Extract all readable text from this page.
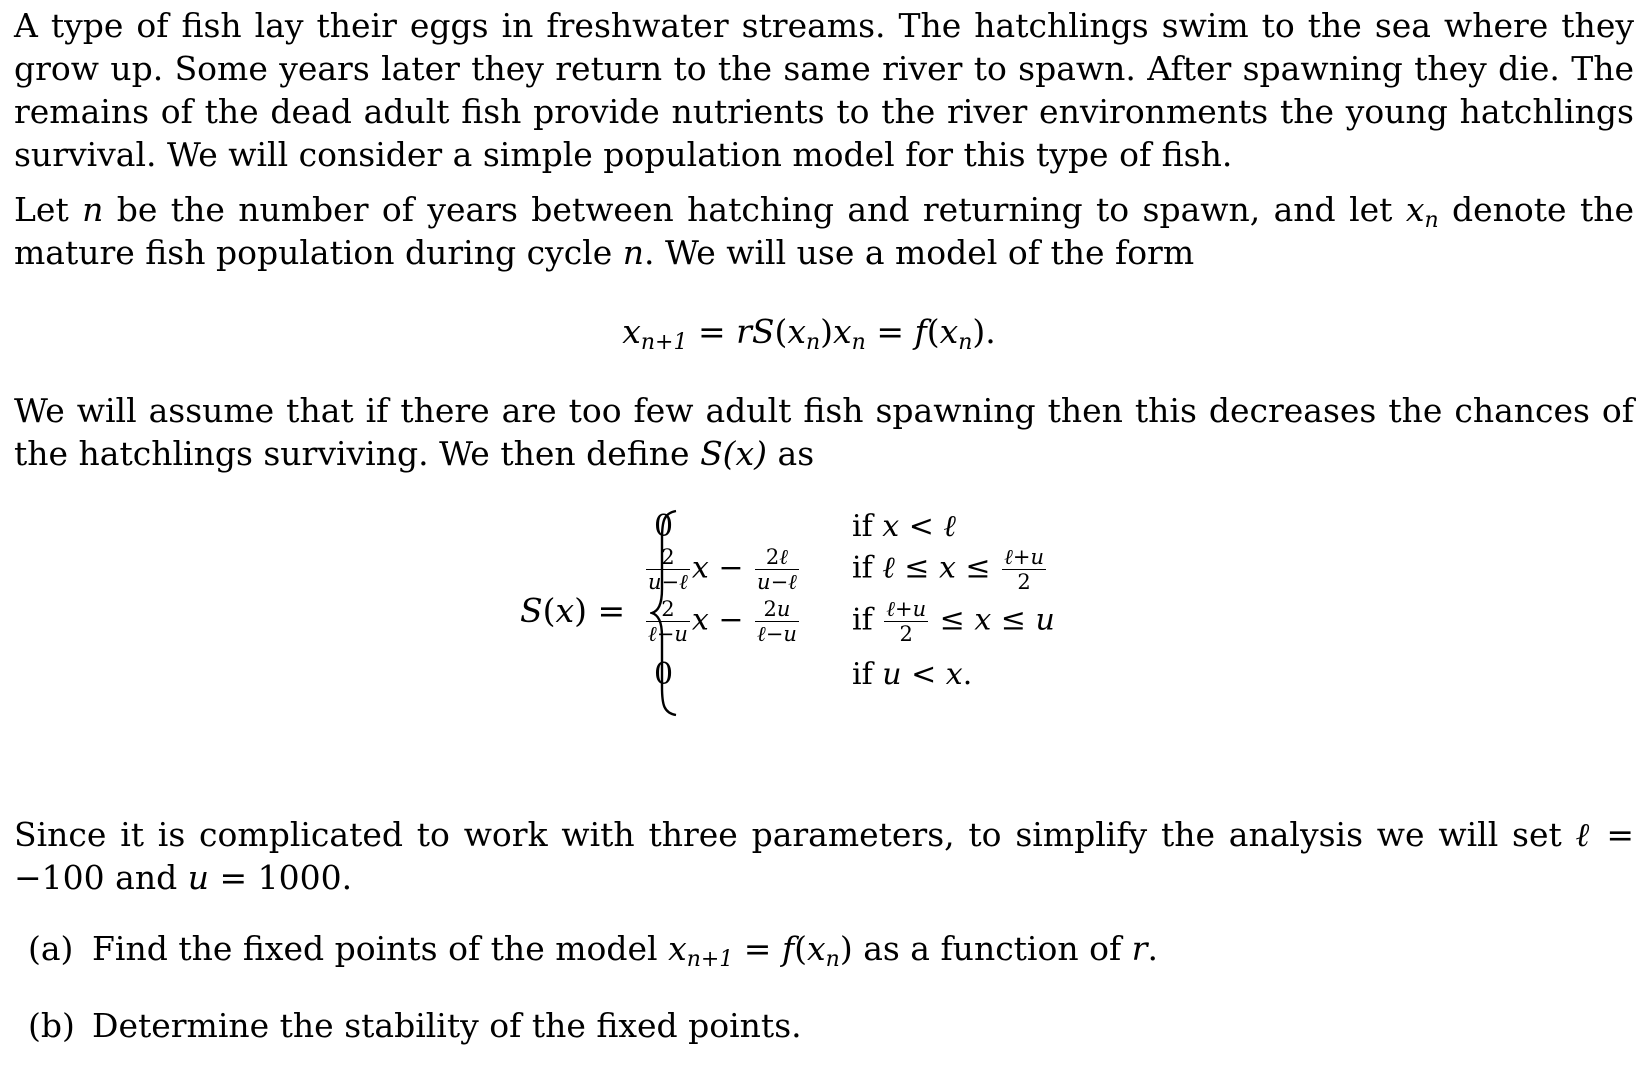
A type of fish lay their eggs in freshwater streams. The hatchlings swim to the sea where they grow up. Some years later they return to the same river to spawn. After spawning they die. The remains of the dead adult fish provide nutrients to the river environments the young hatchlings survival. We will consider a simple population model for this type of fish.

Let n be the number of years between hatching and returning to spawn, and let $x_n$ denote the mature fish population during cycle n. We will use a model of the form

$x_{n+1} = rS(x_n)x_n = f(x_n)$.

We will assume that if there are too few adult fish spawning then this decreases the chances of the hatchlings surviving. We then define S(x) as

S(x) =
0	if x < ℓ
$\frac{2}{\text{u−ℓ}}$ $x - \frac{\text{2ℓ}}{\text{u−ℓ}}$ if ℓ ≤ $x \le \frac{\text{ℓ+u}}{2}$
$\frac{2}{\text{ℓ−u}}$ $x - \frac{2u}{\text{ℓ−u}}$ if $\frac{\text{ℓ+u}}{2} \le x \le u$
0	if u < x.

Since it is complicated to work with three parameters, to simplify the analysis we will set ℓ = −100 and u = 1000.

(a) Find the fixed points of the model $x_{n+1} = f(x_n)$ as a function of r.
(b) Determine the stability of the fixed points.
